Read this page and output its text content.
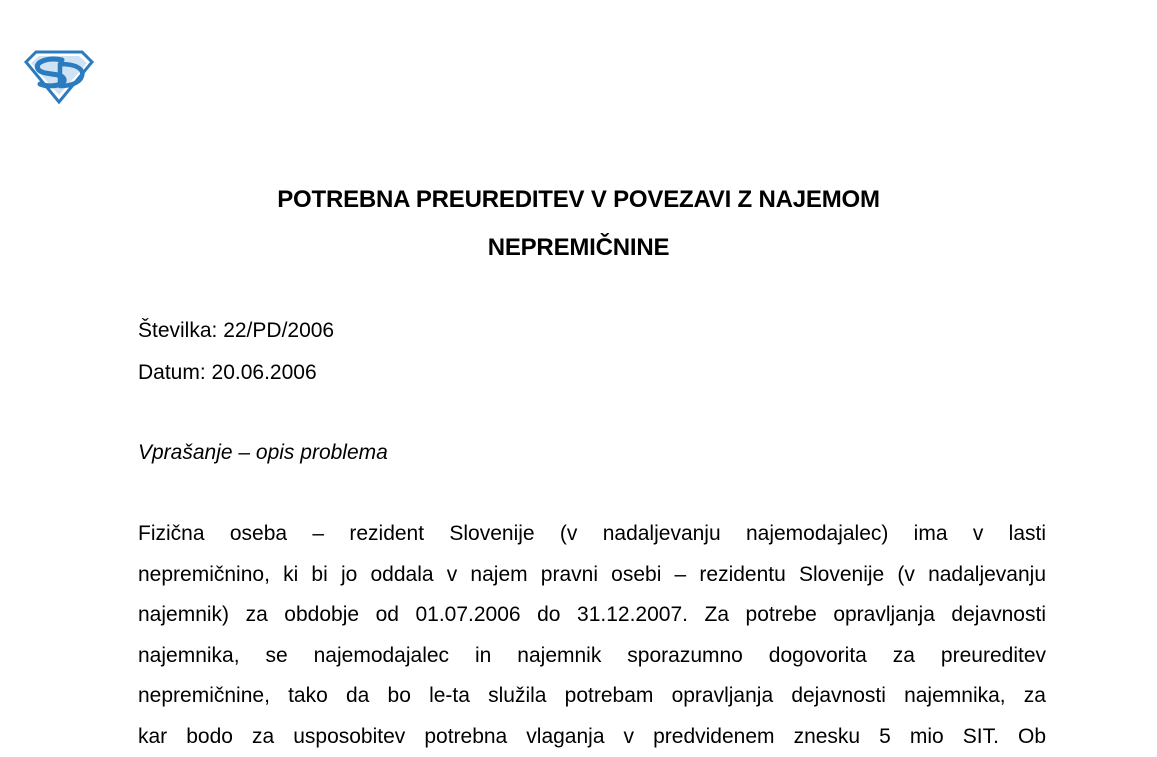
POTREBNA PREUREDITEV V POVEZAVI Z NAJEMOM
NEPREMIČNINE
Številka: 22/PD/2006
Datum: 20.06.2006
Vprašanje – opis problema
Fizična oseba – rezident Slovenije (v nadaljevanju najemodajalec) ima v lasti
nepremičnino, ki bi jo oddala v najem pravni osebi – rezidentu Slovenije (v nadaljevanju
najemnik) za obdobje od 01.07.2006 do 31.12.2007. Za potrebe opravljanja dejavnosti
najemnika, se najemodajalec in najemnik sporazumno dogovorita za preureditev
nepremičnine, tako da bo le-ta služila potrebam opravljanja dejavnosti najemnika, za
kar bodo za usposobitev potrebna vlaganja v predvidenem znesku 5 mio SIT. Ob
